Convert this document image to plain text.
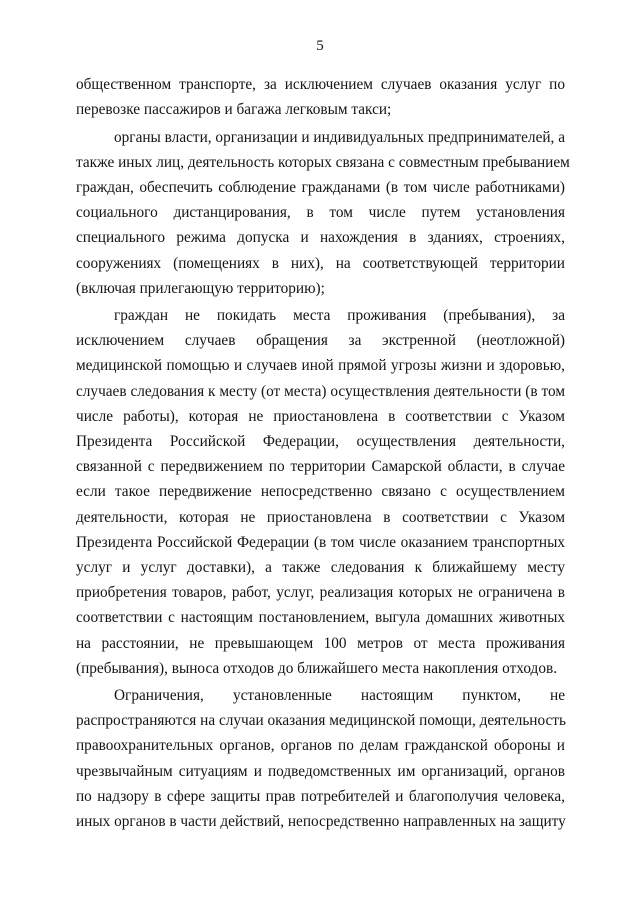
5
общественном транспорте, за исключением случаев оказания услуг по
перевозке пассажиров и багажа легковым такси;
органы власти, организации и индивидуальных предпринимателей, а
также иных лиц, деятельность которых связана с совместным пребыванием
граждан, обеспечить соблюдение гражданами (в том числе работниками)
социального дистанцирования, в том числе путем установления
специального режима допуска и нахождения в зданиях, строениях,
сооружениях (помещениях в них), на соответствующей территории
(включая прилегающую территорию);
граждан не покидать места проживания (пребывания), за
исключением случаев обращения за экстренной (неотложной)
медицинской помощью и случаев иной прямой угрозы жизни и здоровью,
случаев следования к месту (от места) осуществления деятельности (в том
числе работы), которая не приостановлена в соответствии с Указом
Президента Российской Федерации, осуществления деятельности,
связанной с передвижением по территории Самарской области, в случае
если такое передвижение непосредственно связано с осуществлением
деятельности, которая не приостановлена в соответствии с Указом
Президента Российской Федерации (в том числе оказанием транспортных
услуг и услуг доставки), а также следования к ближайшему месту
приобретения товаров, работ, услуг, реализация которых не ограничена в
соответствии с настоящим постановлением, выгула домашних животных
на расстоянии, не превышающем 100 метров от места проживания
(пребывания), выноса отходов до ближайшего места накопления отходов.
Ограничения, установленные настоящим пунктом, не
распространяются на случаи оказания медицинской помощи, деятельность
правоохранительных органов, органов по делам гражданской обороны и
чрезвычайным ситуациям и подведомственных им организаций, органов
по надзору в сфере защиты прав потребителей и благополучия человека,
иных органов в части действий, непосредственно направленных на защиту
